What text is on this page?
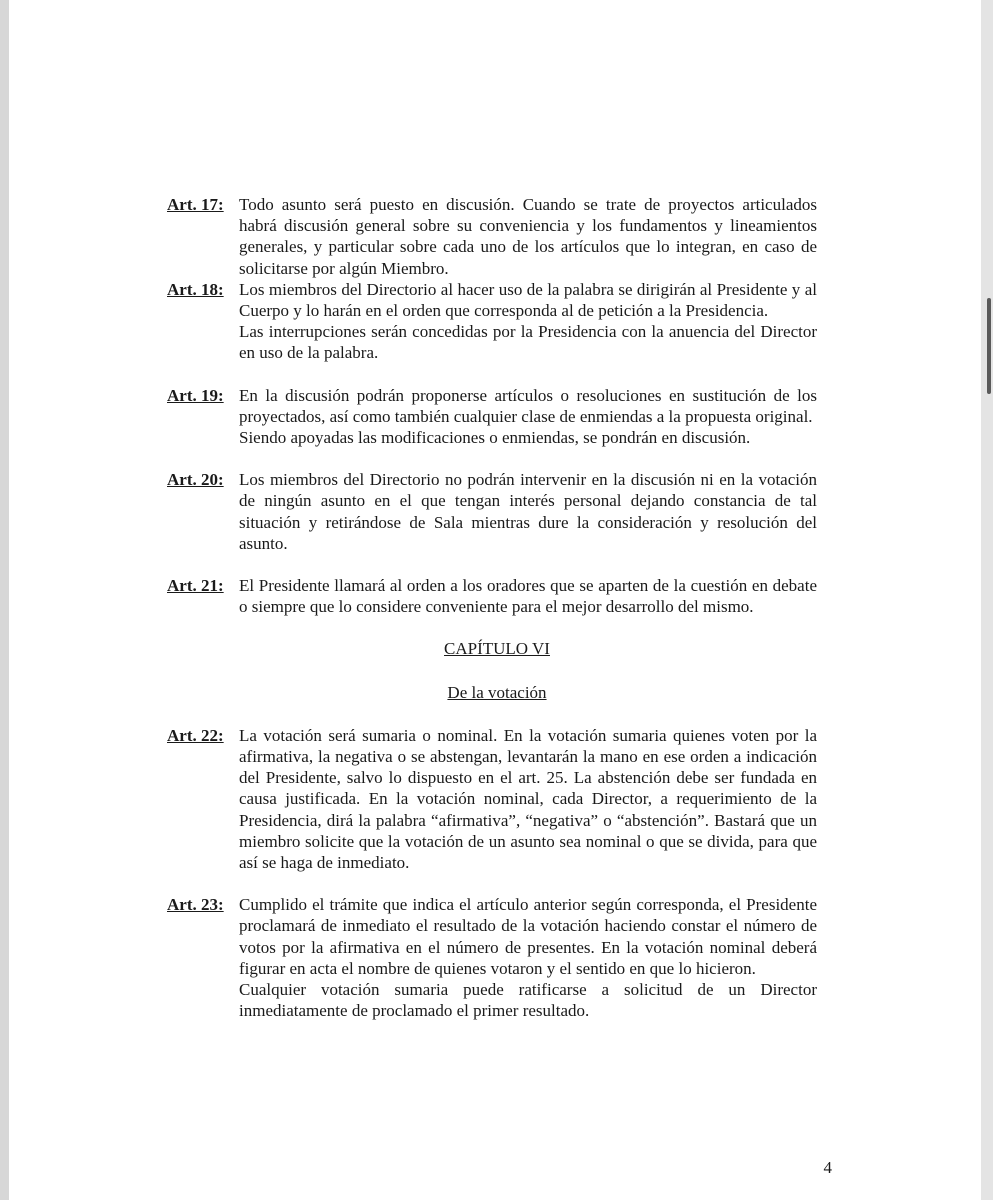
Art. 17: Todo asunto será puesto en discusión. Cuando se trate de proyectos articulados habrá discusión general sobre su conveniencia y los fundamentos y lineamientos generales, y particular sobre cada uno de los artículos que lo integran, en caso de solicitarse por algún Miembro.

Art. 18: Los miembros del Directorio al hacer uso de la palabra se dirigirán al Presidente y al Cuerpo y lo harán en el orden que corresponda al de petición a la Presidencia.

Las interrupciones serán concedidas por la Presidencia con la anuencia del Director en uso de la palabra.

Art. 19: En la discusión podrán proponerse artículos o resoluciones en sustitución de los proyectados, así como también cualquier clase de enmiendas a la propuesta original.

Siendo apoyadas las modificaciones o enmiendas, se pondrán en discusión.

Art. 20: Los miembros del Directorio no podrán intervenir en la discusión ni en la votación de ningún asunto en el que tengan interés personal dejando constancia de tal situación y retirándose de Sala mientras dure la consideración y resolución del asunto.

Art. 21: El Presidente llamará al orden a los oradores que se aparten de la cuestión en debate o siempre que lo considere conveniente para el mejor desarrollo del mismo.

CAPÍTULO VI

De la votación

Art. 22: La votación será sumaria o nominal. En la votación sumaria quienes voten por la afirmativa, la negativa o se abstengan, levantarán la mano en ese orden a indicación del Presidente, salvo lo dispuesto en el art. 25. La abstención debe ser fundada en causa justificada. En la votación nominal, cada Director, a requerimiento de la Presidencia, dirá la palabra “afirmativa”, “negativa” o “abstención”. Bastará que un miembro solicite que la votación de un asunto sea nominal o que se divida, para que así se haga de inmediato.

Art. 23: Cumplido el trámite que indica el artículo anterior según corresponda, el Presidente proclamará de inmediato el resultado de la votación haciendo constar el número de votos por la afirmativa en el número de presentes. En la votación nominal deberá figurar en acta el nombre de quienes votaron y el sentido en que lo hicieron.

Cualquier votación sumaria puede ratificarse a solicitud de un Director inmediatamente de proclamado el primer resultado.

4
